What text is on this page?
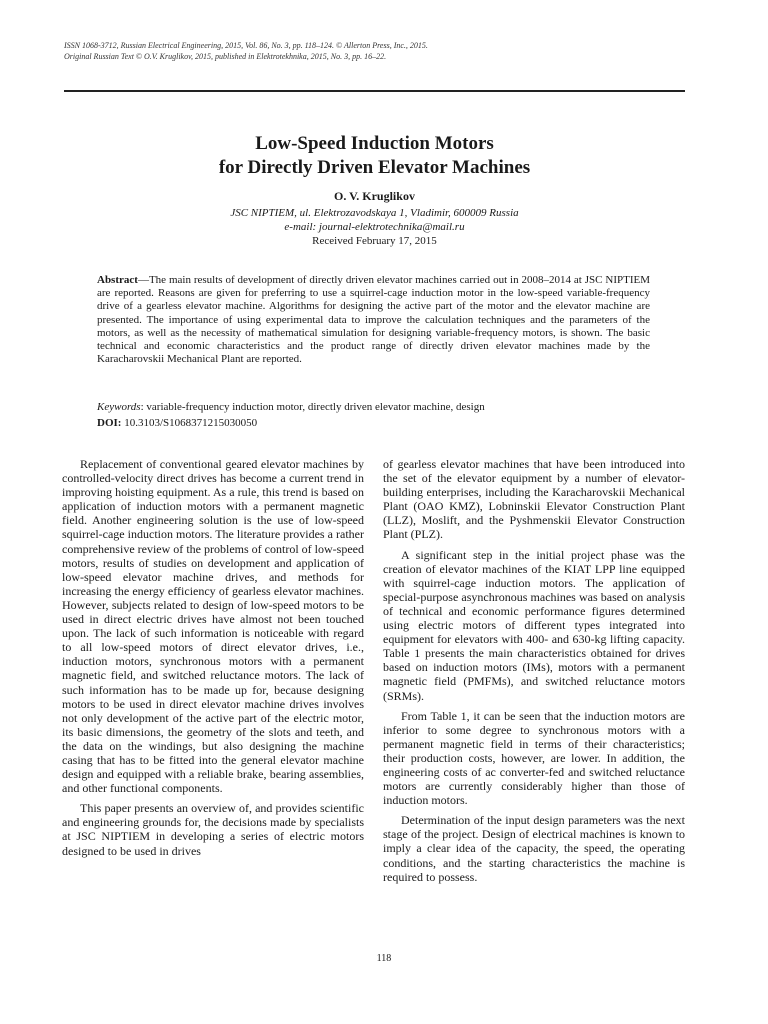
ISSN 1068-3712, Russian Electrical Engineering, 2015, Vol. 86, No. 3, pp. 118–124. © Allerton Press, Inc., 2015.
Original Russian Text © O.V. Kruglikov, 2015, published in Elektrotekhnika, 2015, No. 3, pp. 16–22.
Low-Speed Induction Motors
for Directly Driven Elevator Machines
O. V. Kruglikov
JSC NIPTIEM, ul. Elektrozavodskaya 1, Vladimir, 600009 Russia
e-mail: journal-elektrotechnika@mail.ru
Received February 17, 2015
Abstract—The main results of development of directly driven elevator machines carried out in 2008–2014 at JSC NIPTIEM are reported. Reasons are given for preferring to use a squirrel-cage induction motor in the low-speed variable-frequency drive of a gearless elevator machine. Algorithms for designing the active part of the motor and the elevator machine are presented. The importance of using experimental data to improve the calculation techniques and the parameters of the motors, as well as the necessity of mathematical simulation for designing variable-frequency motors, is shown. The basic technical and economic characteristics and the product range of directly driven elevator machines made by the Karacharovskii Mechanical Plant are reported.
Keywords: variable-frequency induction motor, directly driven elevator machine, design
DOI: 10.3103/S1068371215030050

Replacement of conventional geared elevator machines by controlled-velocity direct drives has become a current trend in improving hoisting equipment. As a rule, this trend is based on application of induction motors with a permanent magnetic field. Another engineering solution is the use of low-speed squirrel-cage induction motors. The literature provides a rather comprehensive review of the problems of control of low-speed motors, results of studies on development and application of low-speed elevator machine drives, and methods for increasing the energy efficiency of gearless elevator machines. However, subjects related to design of low-speed motors to be used in direct electric drives have almost not been touched upon. The lack of such information is noticeable with regard to all low-speed motors of direct elevator drives, i.e., induction motors, synchronous motors with a permanent magnetic field, and switched reluctance motors. The lack of such information has to be made up for, because designing motors to be used in direct elevator machine drives involves not only development of the active part of the electric motor, its basic dimensions, the geometry of the slots and teeth, and the data on the windings, but also designing the machine casing that has to be fitted into the general elevator machine design and equipped with a reliable brake, bearing assemblies, and other functional components.

This paper presents an overview of, and provides scientific and engineering grounds for, the decisions made by specialists at JSC NIPTIEM in developing a series of electric motors designed to be used in drives

of gearless elevator machines that have been introduced into the set of the elevator equipment by a number of elevator-building enterprises, including the Karacharovskii Mechanical Plant (OAO KMZ), Lobninskii Elevator Construction Plant (LLZ), Moslift, and the Pyshmenskii Elevator Construction Plant (PLZ).

A significant step in the initial project phase was the creation of elevator machines of the KIAT LPP line equipped with squirrel-cage induction motors. The application of special-purpose asynchronous machines was based on analysis of technical and economic performance figures determined using electric motors of different types integrated into equipment for elevators with 400- and 630-kg lifting capacity. Table 1 presents the main characteristics obtained for drives based on induction motors (IMs), motors with a permanent magnetic field (PMFMs), and switched reluctance motors (SRMs).

From Table 1, it can be seen that the induction motors are inferior to some degree to synchronous motors with a permanent magnetic field in terms of their characteristics; their production costs, however, are lower. In addition, the engineering costs of ac converter-fed and switched reluctance motors are currently considerably higher than those of induction motors.

Determination of the input design parameters was the next stage of the project. Design of electrical machines is known to imply a clear idea of the capacity, the speed, the operating conditions, and the starting characteristics the machine is required to possess.

118
